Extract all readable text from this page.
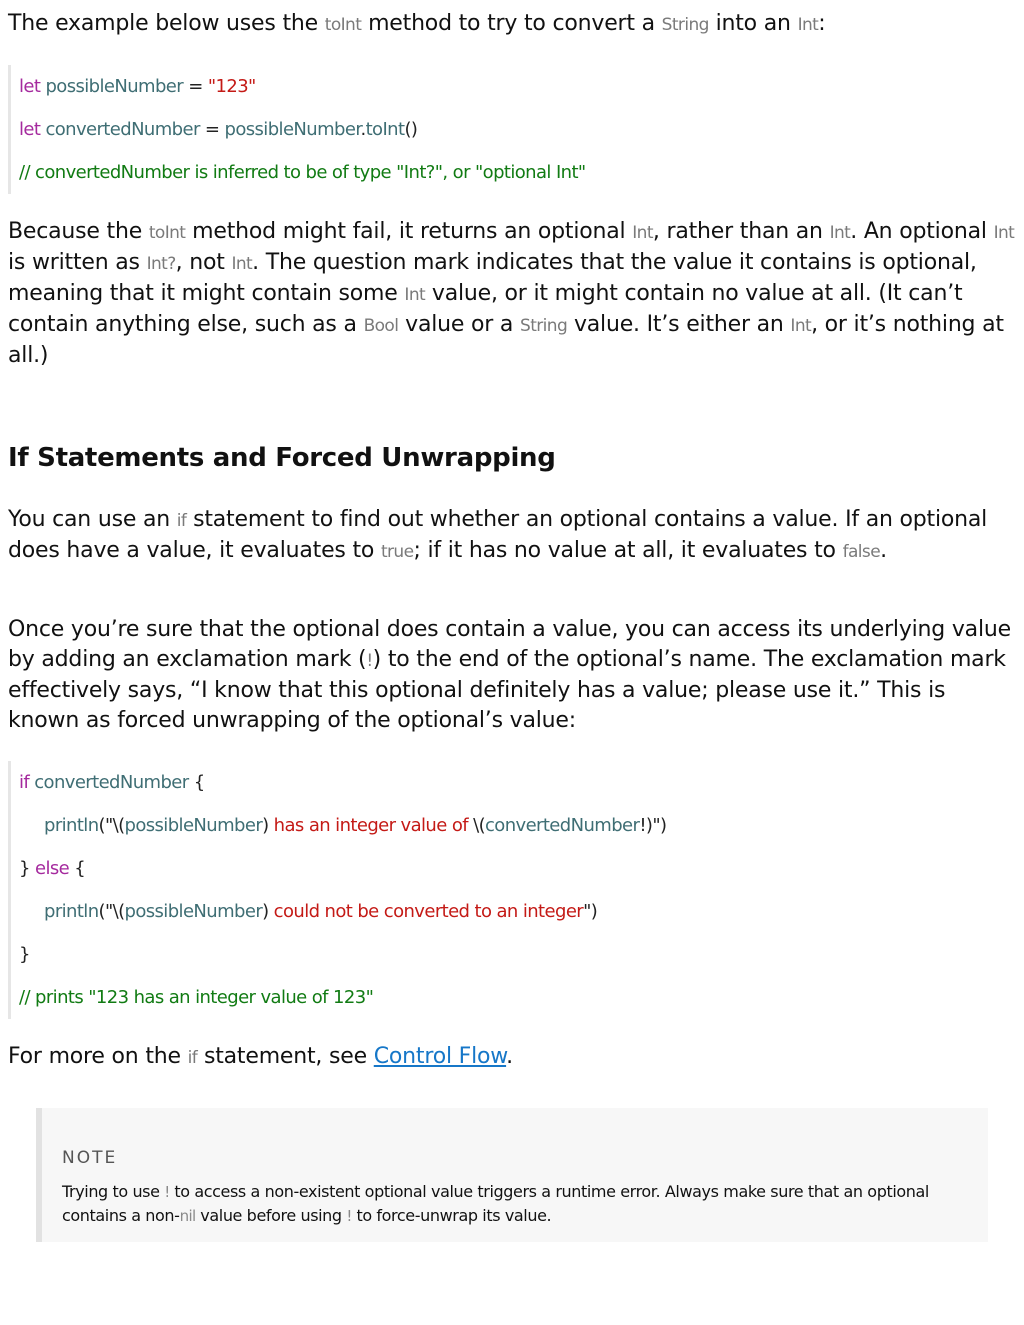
The example below uses the toInt method to try to convert a String into an Int:

let possibleNumber = "123"
let convertedNumber = possibleNumber.toInt()
// convertedNumber is inferred to be of type "Int?", or "optional Int"

Because the toInt method might fail, it returns an optional Int, rather than an Int. An optional Int is written as Int?, not Int. The question mark indicates that the value it contains is optional, meaning that it might contain some Int value, or it might contain no value at all. (It can’t contain anything else, such as a Bool value or a String value. It’s either an Int, or it’s nothing at all.)

If Statements and Forced Unwrapping

You can use an if statement to find out whether an optional contains a value. If an optional does have a value, it evaluates to true; if it has no value at all, it evaluates to false.

Once you’re sure that the optional does contain a value, you can access its underlying value by adding an exclamation mark (!) to the end of the optional’s name. The exclamation mark effectively says, “I know that this optional definitely has a value; please use it.” This is known as forced unwrapping of the optional’s value:

if convertedNumber {
println("\(possibleNumber) has an integer value of \(convertedNumber!)")
} else {
println("\(possibleNumber) could not be converted to an integer")
}
// prints "123 has an integer value of 123"

For more on the if statement, see Control Flow.

NOTE
Trying to use ! to access a non-existent optional value triggers a runtime error. Always make sure that an optional contains a non-nil value before using ! to force-unwrap its value.
